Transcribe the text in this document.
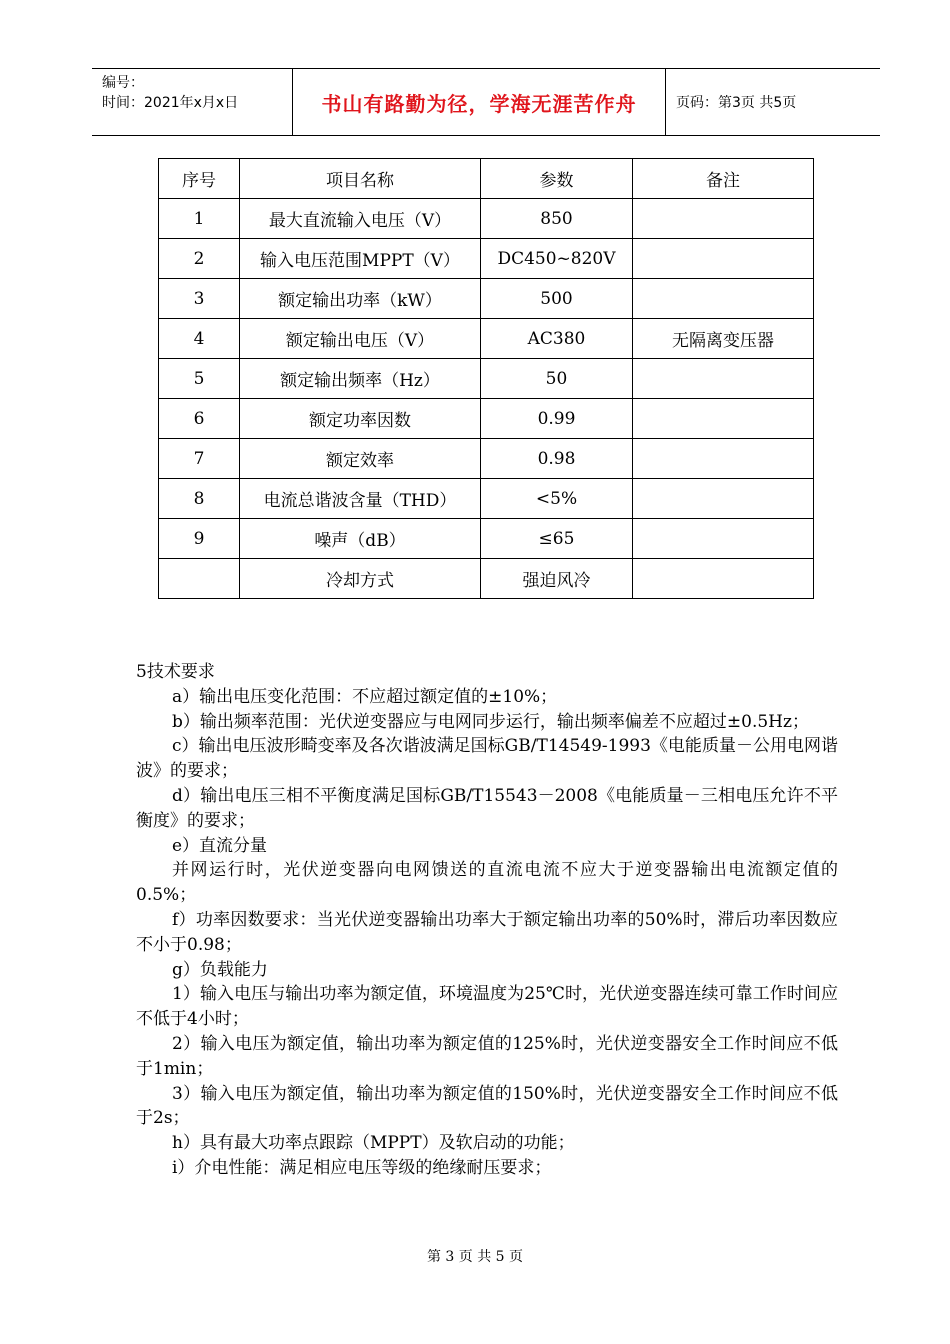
编号：
时间：2021年x月x日	书山有路勤为径，学海无涯苦作舟	页码：第3页 共5页
序号	项目名称	参数	备注
1	最大直流输入电压（V）	850	
2	输入电压范围MPPT（V）	DC450~820V	
3	额定输出功率（kW）	500	
4	额定输出电压（V）	AC380	无隔离变压器
5	额定输出频率（Hz）	50	
6	额定功率因数	0.99	
7	额定效率	0.98	
8	电流总谐波含量（THD）	<5%	
9	噪声（dB）	≤65	
	冷却方式	强迫风冷	

5技术要求

a）输出电压变化范围：不应超过额定值的±10%；

b）输出频率范围：光伏逆变器应与电网同步运行，输出频率偏差不应超过±0.5Hz；

c）输出电压波形畸变率及各次谐波满足国标GB/T14549-1993《电能质量－公用电网谐波》的要求；

d）输出电压三相不平衡度满足国标GB/T15543－2008《电能质量－三相电压允许不平衡度》的要求；

e）直流分量

并网运行时，光伏逆变器向电网馈送的直流电流不应大于逆变器输出电流额定值的0.5%；

f）功率因数要求：当光伏逆变器输出功率大于额定输出功率的50%时，滞后功率因数应不小于0.98；

g）负载能力

1）输入电压与输出功率为额定值，环境温度为25℃时，光伏逆变器连续可靠工作时间应不低于4小时；

2）输入电压为额定值，输出功率为额定值的125%时，光伏逆变器安全工作时间应不低于1min；

3）输入电压为额定值，输出功率为额定值的150%时，光伏逆变器安全工作时间应不低于2s；

h）具有最大功率点跟踪（MPPT）及软启动的功能；

i）介电性能：满足相应电压等级的绝缘耐压要求；

第 3 页 共 5 页
